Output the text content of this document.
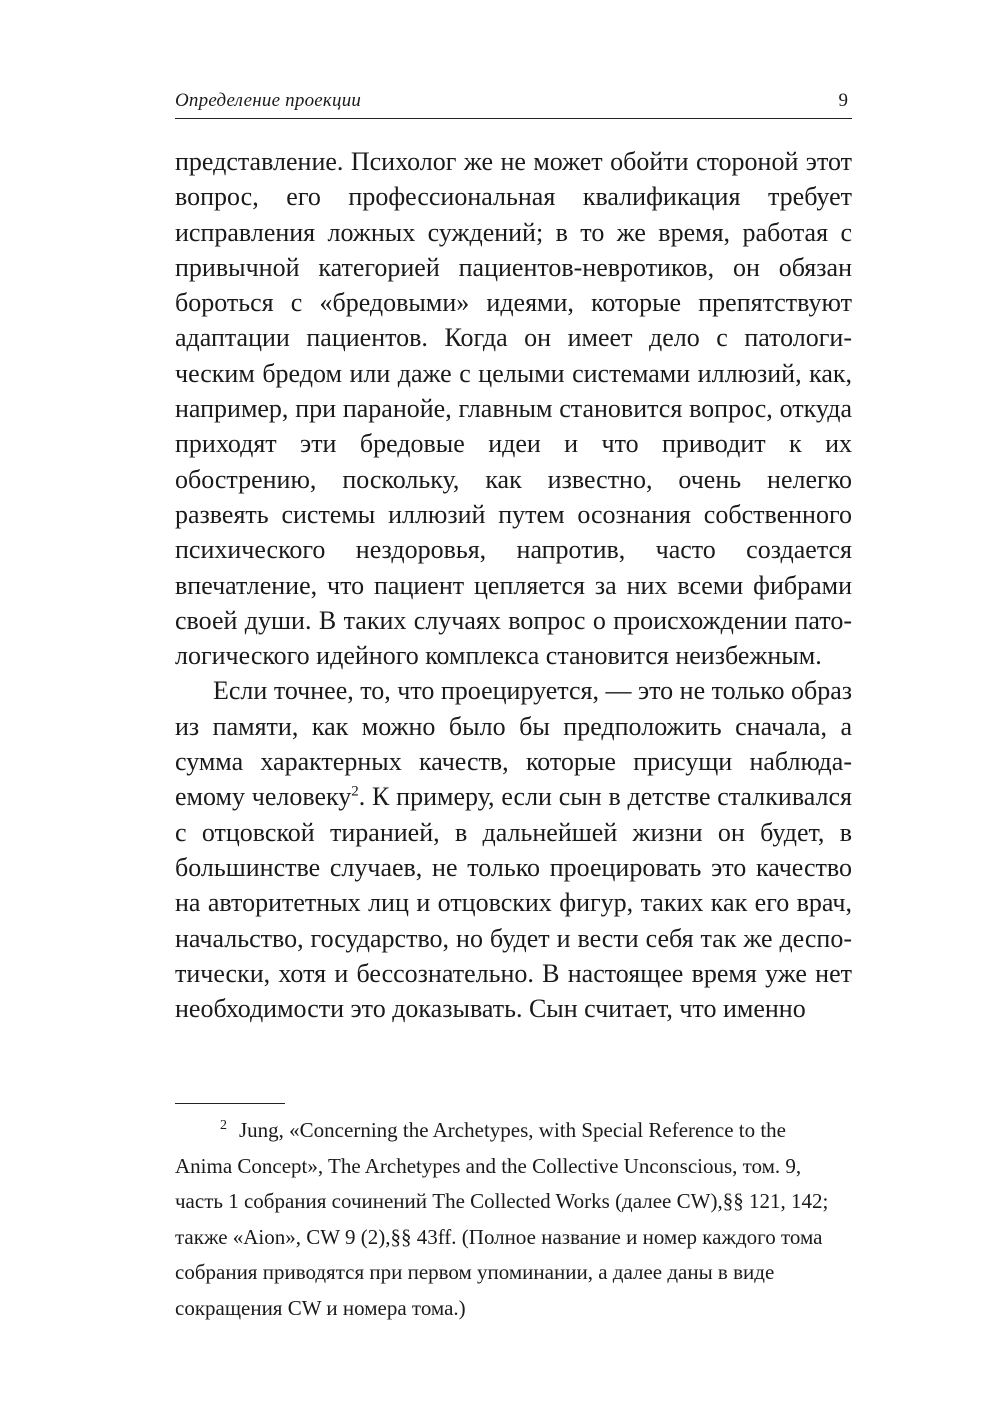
Определение проекции	9

представление. Психолог же не может обойти стороной этот вопрос, его профессиональная квалификация требует исправления ложных суждений; в то же время, работая с привычной категорией пациентов-невротиков, он обязан бороться с «бредовыми» идеями, которые препятствуют адаптации пациентов. Когда он имеет дело с патологическим бредом или даже с целыми системами иллюзий, как, например, при паранойе, главным становится вопрос, откуда приходят эти бредовые идеи и что приводит к их обострению, поскольку, как известно, очень нелегко развеять системы иллюзий путем осознания собственного психического нездоровья, напротив, часто создается впечатление, что пациент цепляется за них всеми фибрами своей души. В таких случаях вопрос о происхождении патологического идейного комплекса становится неизбежным.

Если точнее, то, что проецируется, — это не только образ из памяти, как можно было бы предположить сначала, а сумма характерных качеств, которые присущи наблюдаемому человеку$^2$. К примеру, если сын в детстве сталкивался с отцовской тиранией, в дальнейшей жизни он будет, в большинстве случаев, не только проецировать это качество на авторитетных лиц и отцовских фигур, таких как его врач, начальство, государство, но будет и вести себя так же деспотически, хотя и бессознательно. В настоящее время уже нет необходимости это доказывать. Сын считает, что именно

$^2$ Jung, «Concerning the Archetypes, with Special Reference to the Anima Concept», The Archetypes and the Collective Unconscious, том. 9, часть 1 собрания сочинений The Collected Works (далее CW),§§ 121, 142; также «Aion», CW 9 (2),§§ 43ff. (Полное название и номер каждого тома собрания приводятся при первом упоминании, а далее даны в виде сокращения CW и номера тома.)
